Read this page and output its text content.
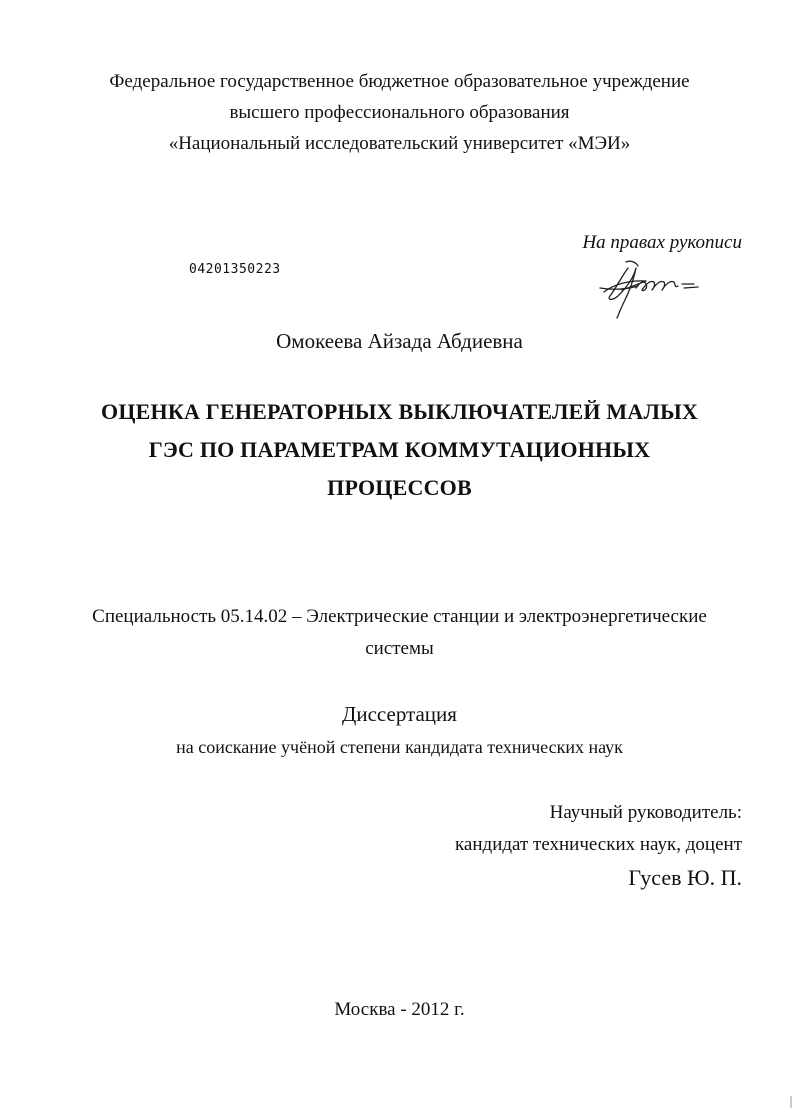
Федеральное государственное бюджетное образовательное учреждение
высшего профессионального образования
«Национальный исследовательский университет «МЭИ»
На правах рукописи
04201350223
Омокеева Айзада Абдиевна
ОЦЕНКА ГЕНЕРАТОРНЫХ ВЫКЛЮЧАТЕЛЕЙ МАЛЫХ
ГЭС ПО ПАРАМЕТРАМ КОММУТАЦИОННЫХ
ПРОЦЕССОВ
Специальность 05.14.02 – Электрические станции и электроэнергетические
системы
Диссертация
на соискание учёной степени кандидата технических наук
Научный руководитель:
кандидат технических наук, доцент
Гусев Ю. П.
Москва - 2012 г.
